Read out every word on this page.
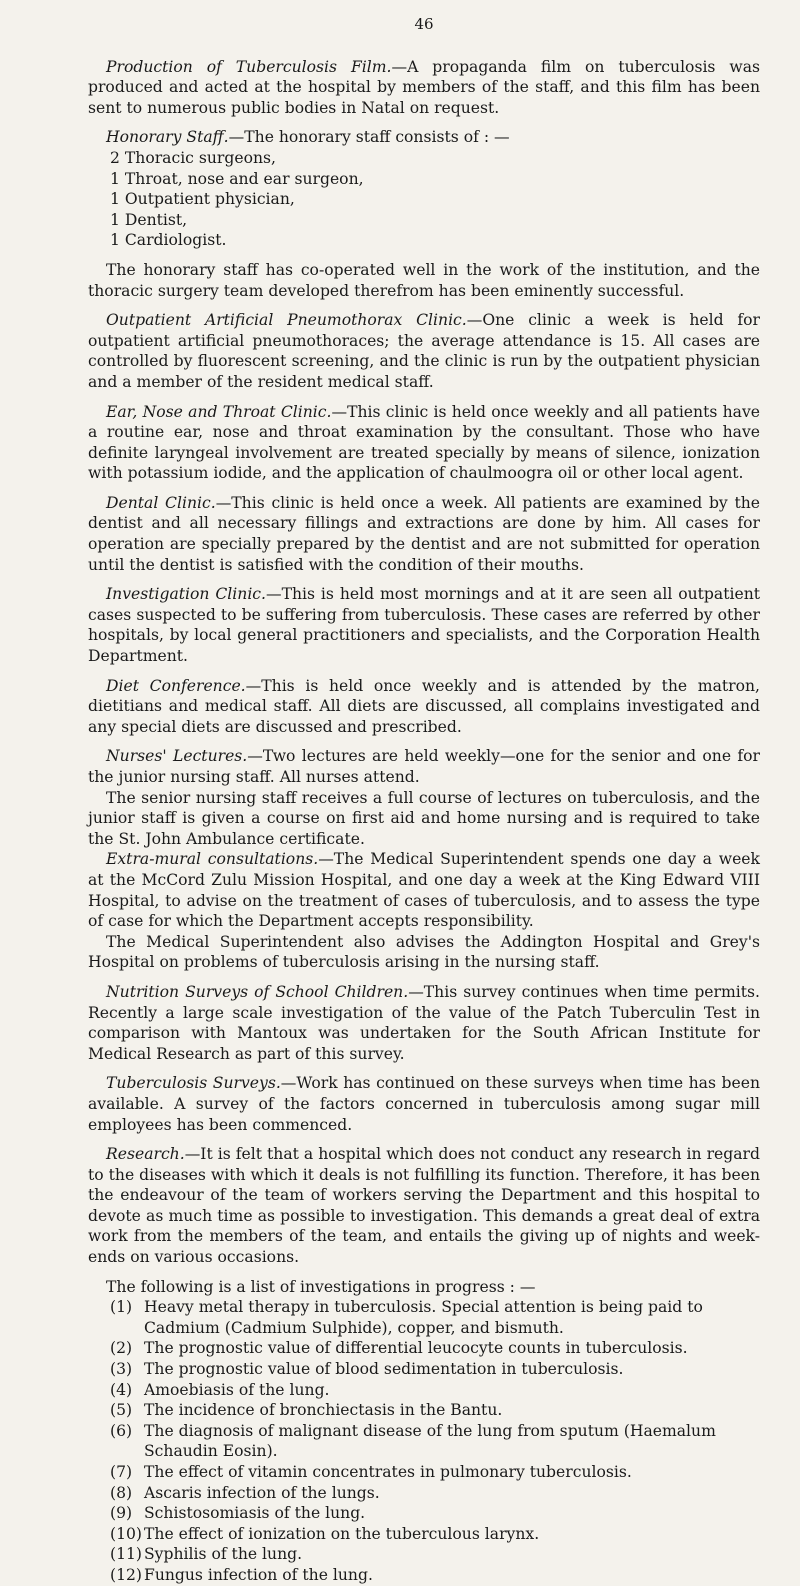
46

Production of Tuberculosis Film.—A propaganda film on tuberculosis was produced and acted at the hospital by members of the staff, and this film has been sent to numerous public bodies in Natal on request.

Honorary Staff.—The honorary staff consists of : —

2 Thoracic surgeons,
1 Throat, nose and ear surgeon,
1 Outpatient physician,
1 Dentist,
1 Cardiologist.

The honorary staff has co-operated well in the work of the institution, and the thoracic surgery team developed therefrom has been eminently successful.

Outpatient Artificial Pneumothorax Clinic.—One clinic a week is held for outpatient artificial pneumothoraces; the average attendance is 15. All cases are controlled by fluorescent screening, and the clinic is run by the outpatient physician and a member of the resident medical staff.

Ear, Nose and Throat Clinic.—This clinic is held once weekly and all patients have a routine ear, nose and throat examination by the consultant. Those who have definite laryngeal involvement are treated specially by means of silence, ionization with potassium iodide, and the application of chaulmoogra oil or other local agent.

Dental Clinic.—This clinic is held once a week. All patients are examined by the dentist and all necessary fillings and extractions are done by him. All cases for operation are specially prepared by the dentist and are not submitted for operation until the dentist is satisfied with the condition of their mouths.

Investigation Clinic.—This is held most mornings and at it are seen all outpatient cases suspected to be suffering from tuberculosis. These cases are referred by other hospitals, by local general practitioners and specialists, and the Corporation Health Department.

Diet Conference.—This is held once weekly and is attended by the matron, dietitians and medical staff. All diets are discussed, all complains investigated and any special diets are discussed and prescribed.

Nurses' Lectures.—Two lectures are held weekly—one for the senior and one for the junior nursing staff. All nurses attend.

The senior nursing staff receives a full course of lectures on tuberculosis, and the junior staff is given a course on first aid and home nursing and is required to take the St. John Ambulance certificate.

Extra-mural consultations.—The Medical Superintendent spends one day a week at the McCord Zulu Mission Hospital, and one day a week at the King Edward VIII Hospital, to advise on the treatment of cases of tuberculosis, and to assess the type of case for which the Department accepts responsibility.

The Medical Superintendent also advises the Addington Hospital and Grey's Hospital on problems of tuberculosis arising in the nursing staff.

Nutrition Surveys of School Children.—This survey continues when time permits. Recently a large scale investigation of the value of the Patch Tuberculin Test in comparison with Mantoux was undertaken for the South African Institute for Medical Research as part of this survey.

Tuberculosis Surveys.—Work has continued on these surveys when time has been available. A survey of the factors concerned in tuberculosis among sugar mill employees has been commenced.

Research.—It is felt that a hospital which does not conduct any research in regard to the diseases with which it deals is not fulfilling its function. Therefore, it has been the endeavour of the team of workers serving the Department and this hospital to devote as much time as possible to investigation. This demands a great deal of extra work from the members of the team, and entails the giving up of nights and week-ends on various occasions.

The following is a list of investigations in progress : —

(1) Heavy metal therapy in tuberculosis. Special attention is being paid to Cadmium (Cadmium Sulphide), copper, and bismuth.
(2) The prognostic value of differential leucocyte counts in tuberculosis.
(3) The prognostic value of blood sedimentation in tuberculosis.
(4) Amoebiasis of the lung.
(5) The incidence of bronchiectasis in the Bantu.
(6) The diagnosis of malignant disease of the lung from sputum (Haemalum Schaudin Eosin).
(7) The effect of vitamin concentrates in pulmonary tuberculosis.
(8) Ascaris infection of the lungs.
(9) Schistosomiasis of the lung.
(10) The effect of ionization on the tuberculous larynx.
(11) Syphilis of the lung.
(12) Fungus infection of the lung.
